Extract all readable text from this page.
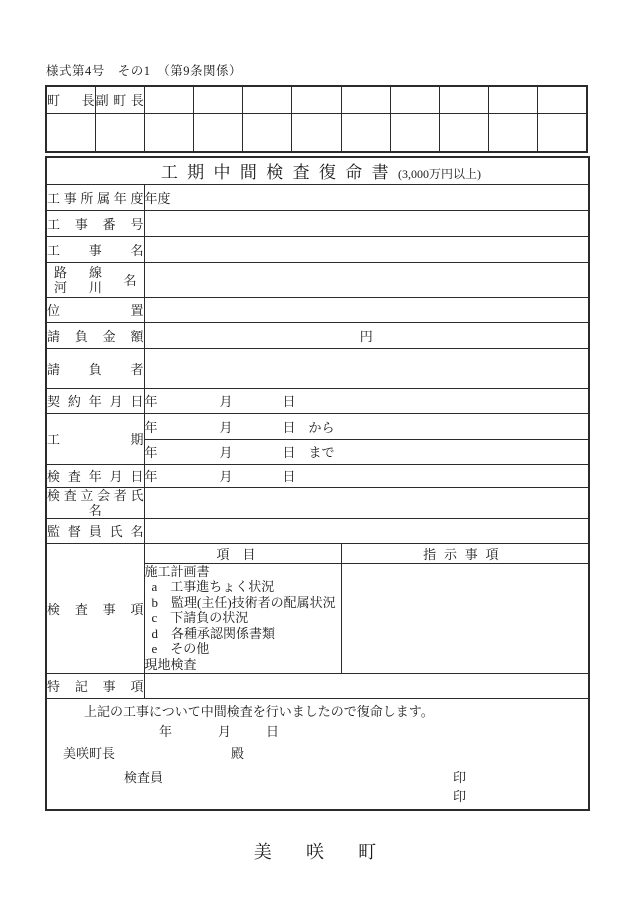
様式第4号　その1　（第9条関係）
町長	副町長									

工期中間検査復命書(3,000万円以上)		
工事所属年度	年度	
工事番号		
工事名		

路線
河川 名		

位置		
請負金額	円	
請負者		
契約年月日	年 月 日	
工期	年 月 日 から	
	年 月 日 まで	
検査年月日	年 月 日	

検査立会者氏
名		

監督員氏名		
検査事項	項目	指示事項

施工計画書
a　工事進ちょく状況
b　監理(主任)技術者の配属状況
c　下請負の状況
d　各種承認関係書類
e　その他
現地検査

特記事項		

上記の工事について中間検査を行いましたので復命します。
年 月 日
美咲町長 殿
検査員 印
印		
美咲町
